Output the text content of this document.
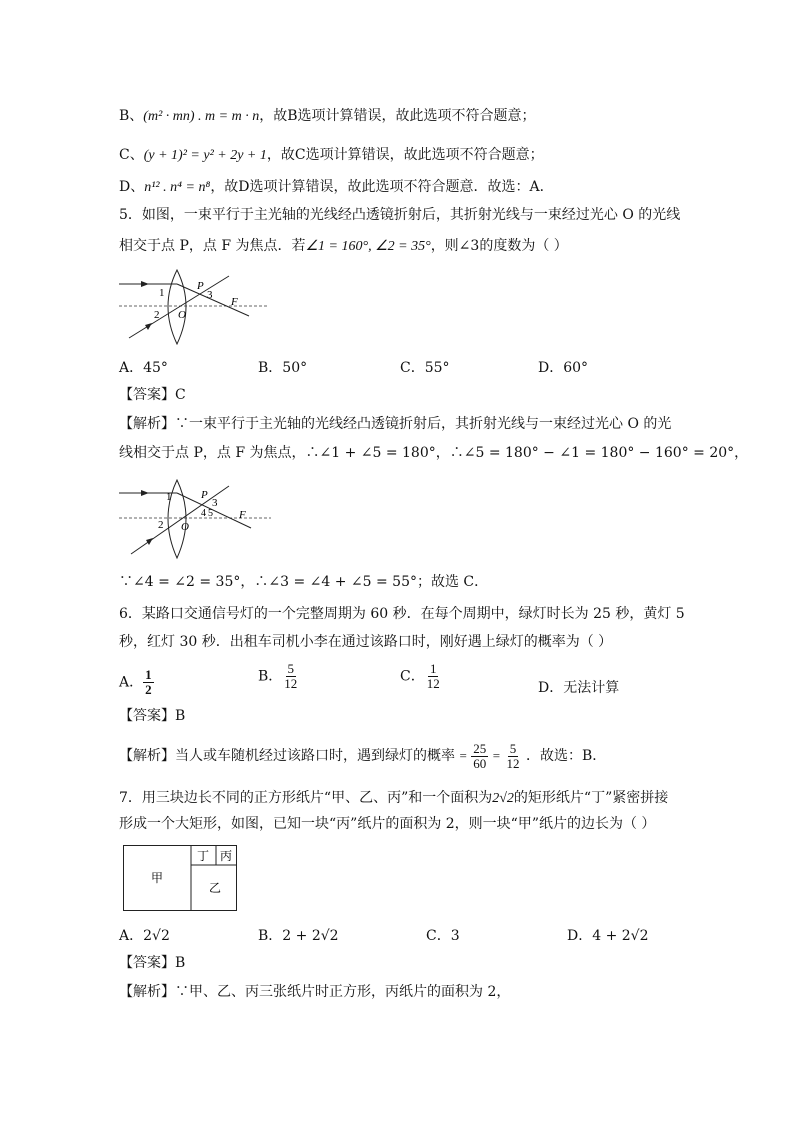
B、(m² · mn) . m = m · n，故B选项计算错误，故此选项不符合题意；
C、(y + 1)² = y² + 2y + 1，故C选项计算错误，故此选项不符合题意；
D、n¹² . n⁴ = n⁸，故D选项计算错误，故此选项不符合题意．故选：A．
5．如图，一束平行于主光轴的光线经凸透镜折射后，其折射光线与一束经过光心 O 的光线
相交于点 P，点 F 为焦点．若∠1 = 160°, ∠2 = 35°，则∠3的度数为（ ）
1
2
P
3
O
F
A．45°	B．50°	C．55°	D．60°
【答案】C
【解析】∵一束平行于主光轴的光线经凸透镜折射后，其折射光线与一束经过光心 O 的光
线相交于点 P，点 F 为焦点，∴∠1 + ∠5 = 180°，∴∠5 = 180° − ∠1 = 180° − 160° = 20°，
1
2
P
3
4 5
O
F
∵∠4 = ∠2 = 35°，∴∠3 = ∠4 + ∠5 = 55°；故选 C．
6．某路口交通信号灯的一个完整周期为 60 秒．在每个周期中，绿灯时长为 25 秒，黄灯 5
秒，红灯 30 秒．出租车司机小李在通过该路口时，刚好遇上绿灯的概率为（ ）
A． $\frac{1}{2}$	B． $\frac{5}{12}$	C． $\frac{1}{12}$	D．无法计算
【答案】B
【解析】当人或车随机经过该路口时，遇到绿灯的概率 = $\frac{25}{60} = \frac{5}{12}$ ．故选：B．
7．用三块边长不同的正方形纸片“甲、乙、丙”和一个面积为2√2的矩形纸片“丁”紧密拼接
形成一个大矩形，如图，已知一块“丙”纸片的面积为 2，则一块“甲”纸片的边长为（ ）
甲
乙
丁 丙
A．2√2	B．2 + 2√2	C．3	D．4 + 2√2
【答案】B
【解析】∵甲、乙、丙三张纸片时正方形，丙纸片的面积为 2，
